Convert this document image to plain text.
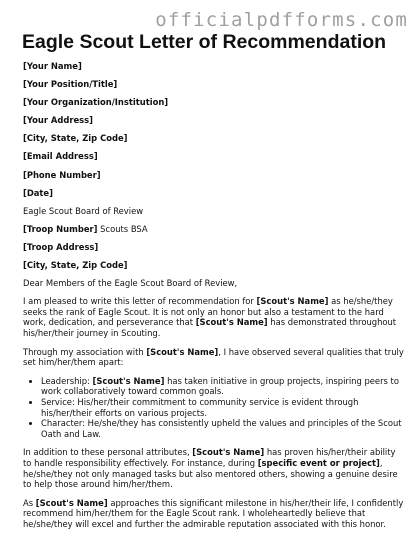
officialpdfforms.com
Eagle Scout Letter of Recommendation
[Your Name]
[Your Position/Title]
[Your Organization/Institution]
[Your Address]
[City, State, Zip Code]
[Email Address]
[Phone Number]
[Date]
Eagle Scout Board of Review
[Troop Number] Scouts BSA
[Troop Address]
[City, State, Zip Code]
Dear Members of the Eagle Scout Board of Review,

I am pleased to write this letter of recommendation for [Scout's Name] as he/she/they seeks the rank of Eagle Scout. It is not only an honor but also a testament to the hard work, dedication, and perseverance that [Scout's Name] has demonstrated throughout his/her/their journey in Scouting.

Through my association with [Scout's Name], I have observed several qualities that truly set him/her/them apart:

• Leadership: [Scout's Name] has taken initiative in group projects, inspiring peers to work collaboratively toward common goals.
• Service: His/her/their commitment to community service is evident through his/her/their efforts on various projects.
• Character: He/she/they has consistently upheld the values and principles of the Scout Oath and Law.

In addition to these personal attributes, [Scout's Name] has proven his/her/their ability to handle responsibility effectively. For instance, during [specific event or project], he/she/they not only managed tasks but also mentored others, showing a genuine desire to help those around him/her/them.

As [Scout's Name] approaches this significant milestone in his/her/their life, I confidently recommend him/her/them for the Eagle Scout rank. I wholeheartedly believe that he/she/they will excel and further the admirable reputation associated with this honor.
